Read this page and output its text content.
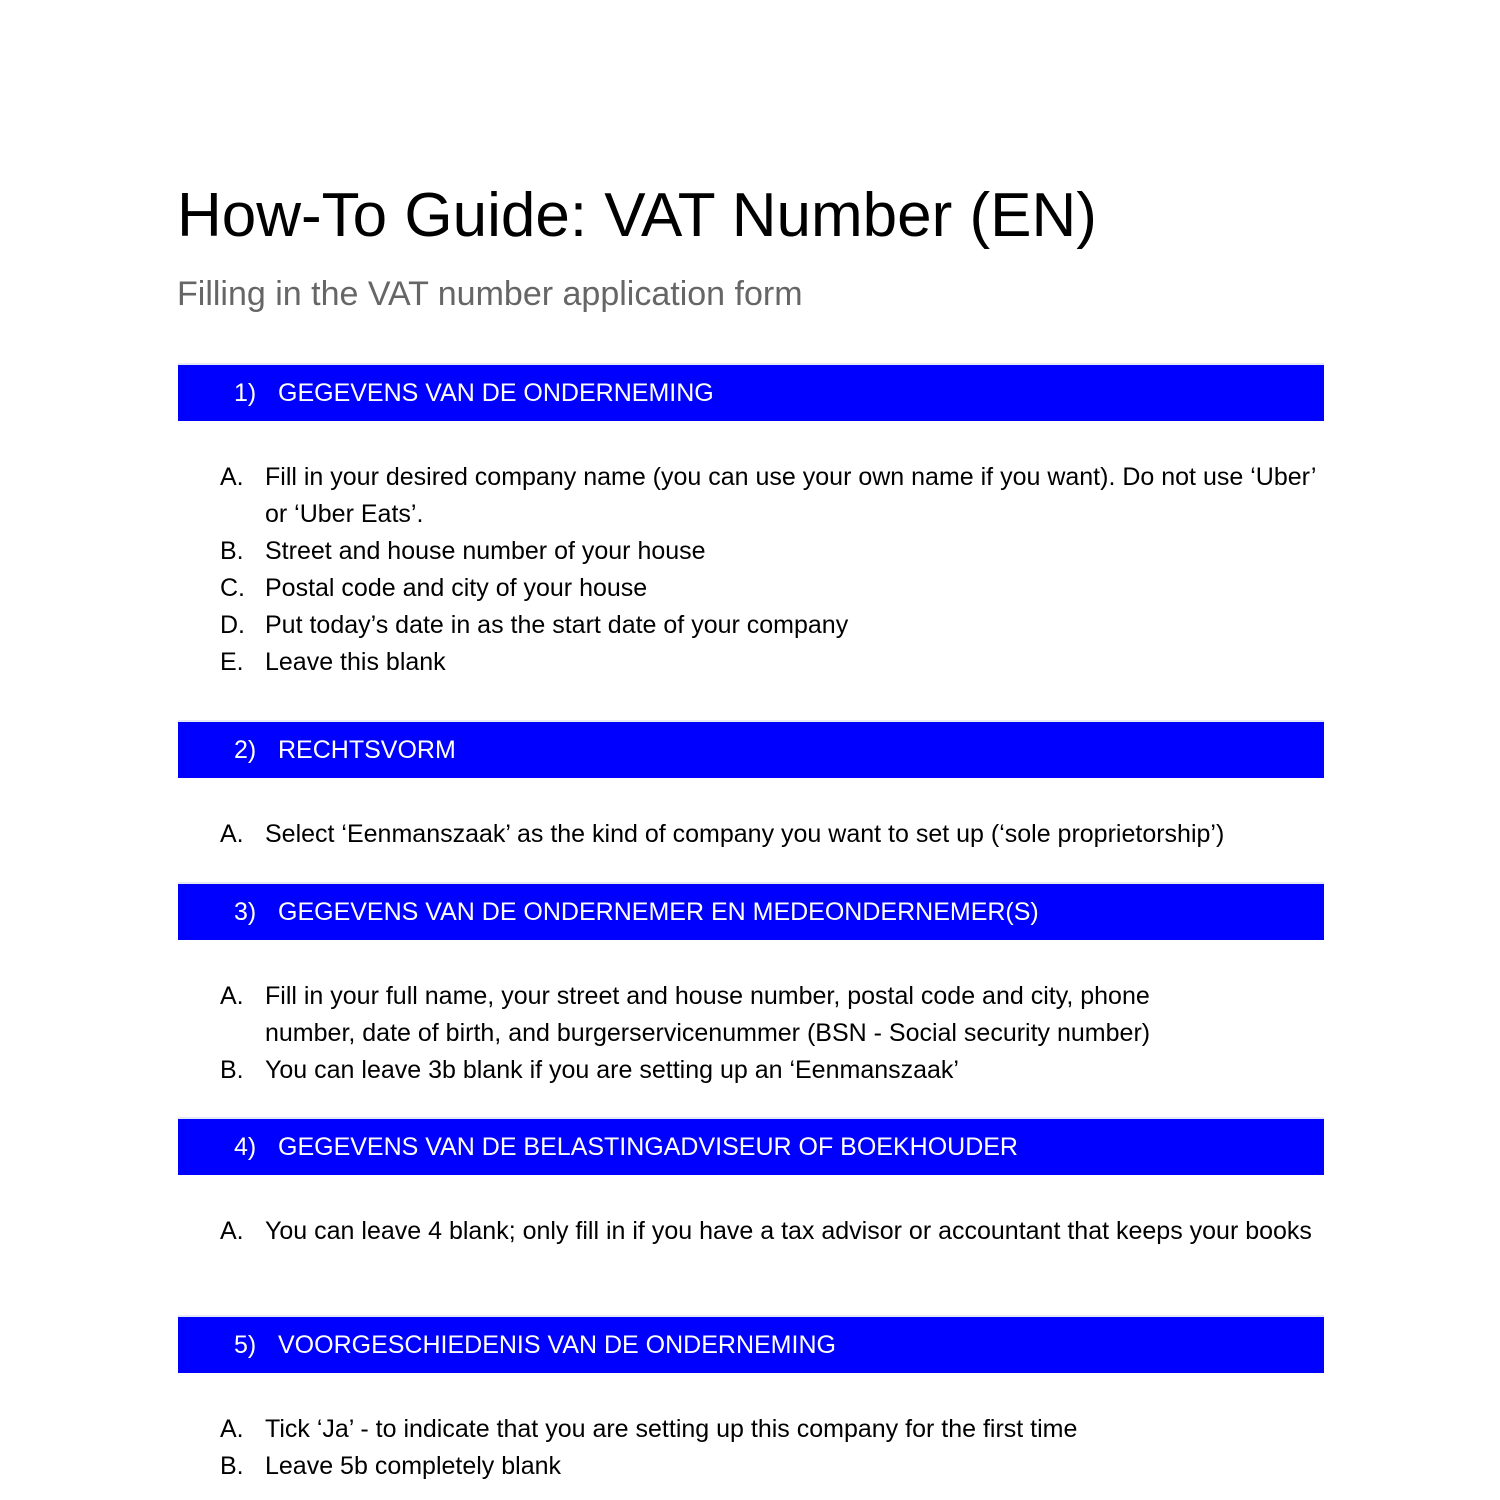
How-To Guide: VAT Number (EN)

Filling in the VAT number application form

1) GEGEVENS VAN DE ONDERNEMING
A. Fill in your desired company name (you can use your own name if you want). Do not use ‘Uber’ or ‘Uber Eats’.
B. Street and house number of your house
C. Postal code and city of your house
D. Put today’s date in as the start date of your company
E. Leave this blank
2) RECHTSVORM
A. Select ‘Eenmanszaak’ as the kind of company you want to set up (‘sole proprietorship’)
3) GEGEVENS VAN DE ONDERNEMER EN MEDEONDERNEMER(S)
A. Fill in your full name, your street and house number, postal code and city, phone number, date of birth, and burgerservicenummer (BSN - Social security number)
B. You can leave 3b blank if you are setting up an ‘Eenmanszaak’
4) GEGEVENS VAN DE BELASTINGADVISEUR OF BOEKHOUDER
A. You can leave 4 blank; only fill in if you have a tax advisor or accountant that keeps your books
5) VOORGESCHIEDENIS VAN DE ONDERNEMING
A. Tick ‘Ja’ - to indicate that you are setting up this company for the first time
B. Leave 5b completely blank
